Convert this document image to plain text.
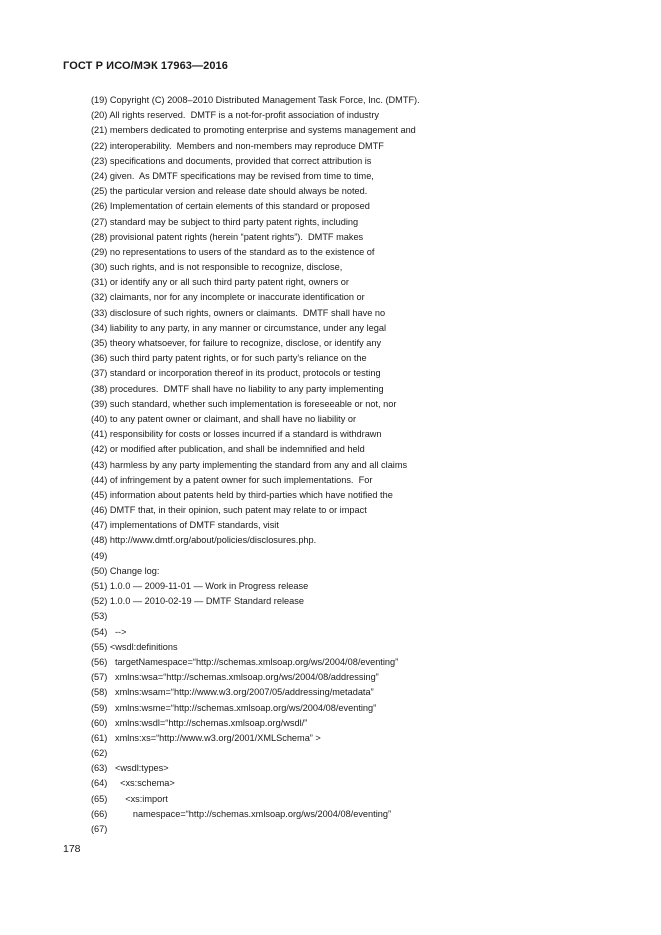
ГОСТ Р ИСО/МЭК 17963—2016
(19) Copyright (C) 2008–2010 Distributed Management Task Force, Inc. (DMTF).
(20) All rights reserved.  DMTF is a not-for-profit association of industry
(21) members dedicated to promoting enterprise and systems management and
(22) interoperability.  Members and non-members may reproduce DMTF
(23) specifications and documents, provided that correct attribution is
(24) given.  As DMTF specifications may be revised from time to time,
(25) the particular version and release date should always be noted.
(26) Implementation of certain elements of this standard or proposed
(27) standard may be subject to third party patent rights, including
(28) provisional patent rights (herein “patent rights”).  DMTF makes
(29) no representations to users of the standard as to the existence of
(30) such rights, and is not responsible to recognize, disclose,
(31) or identify any or all such third party patent right, owners or
(32) claimants, nor for any incomplete or inaccurate identification or
(33) disclosure of such rights, owners or claimants.  DMTF shall have no
(34) liability to any party, in any manner or circumstance, under any legal
(35) theory whatsoever, for failure to recognize, disclose, or identify any
(36) such third party patent rights, or for such party’s reliance on the
(37) standard or incorporation thereof in its product, protocols or testing
(38) procedures.  DMTF shall have no liability to any party implementing
(39) such standard, whether such implementation is foreseeable or not, nor
(40) to any patent owner or claimant, and shall have no liability or
(41) responsibility for costs or losses incurred if a standard is withdrawn
(42) or modified after publication, and shall be indemnified and held
(43) harmless by any party implementing the standard from any and all claims
(44) of infringement by a patent owner for such implementations.  For
(45) information about patents held by third-parties which have notified the
(46) DMTF that, in their opinion, such patent may relate to or impact
(47) implementations of DMTF standards, visit
(48) http://www.dmtf.org/about/policies/disclosures.php.
(49)
(50) Change log:
(51) 1.0.0 — 2009-11-01 — Work in Progress release
(52) 1.0.0 — 2010-02-19 — DMTF Standard release
(53)
(54)   -->
(55) <wsdl:definitions
(56)   targetNamespace=“http://schemas.xmlsoap.org/ws/2004/08/eventing”
(57)   xmlns:wsa=“http://schemas.xmlsoap.org/ws/2004/08/addressing”
(58)   xmlns:wsam=“http://www.w3.org/2007/05/addressing/metadata”
(59)   xmlns:wsme=“http://schemas.xmlsoap.org/ws/2004/08/eventing”
(60)   xmlns:wsdl=“http://schemas.xmlsoap.org/wsdl/”
(61)   xmlns:xs=“http://www.w3.org/2001/XMLSchema” >
(62)
(63)   <wsdl:types>
(64)     <xs:schema>
(65)       <xs:import
(66)          namespace=“http://schemas.xmlsoap.org/ws/2004/08/eventing”
(67)
178
